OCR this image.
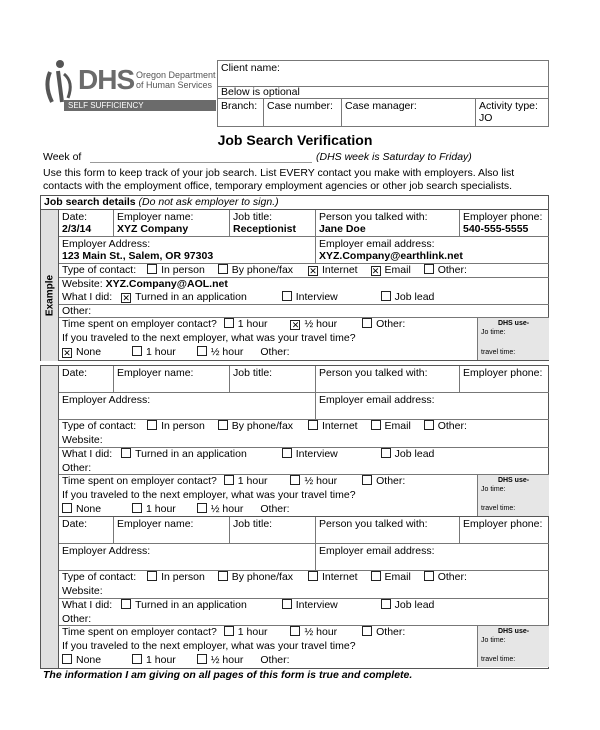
DHS Oregon Department
of Human Services
SELF SUFFICIENCY
Client name:
Below is optional
Branch: Case number:	Case manager:	Activity type:
JO
Job Search Verification
Week of	(DHS week is Saturday to Friday)
Use this form to keep track of your job search. List EVERY contact you make with employers. Also list contacts with the employment office, temporary employment agencies or other job search specialists.
Job search details (Do not ask employer to sign.)
Example
Date:
2/3/14
Employer name:
XYZ Company
Job title:
Receptionist
Person you talked with:
Jane Doe
Employer phone:
540-555-5555
Employer Address:
123 Main St., Salem, OR 97303
Employer email address:
XYZ.Company@earthlink.net
Type of contact: In person	By phone/fax ✕ Internet ✕ Email	Other:
Website: XYZ.Company@AOL.net
What I did: ✕ Turned in an application	Interview	Job lead
Other:
Time spent on employer contact? 1 hour	✕ ½ hour	Other:
If you traveled to the next employer, what was your travel time?
✕ None	1 hour	½ hour Other:
DHS use-
Jo time:
travel time:
Date:	Employer name:	Job title:	Person you talked with:	Employer phone:
Employer Address:	Employer email address:
Type of contact: In person	By phone/fax	Internet	Email	Other:
Website:
What I did: Turned in an application	Interview	Job lead
Other:
Time spent on employer contact? 1 hour	½ hour	Other:
If you traveled to the next employer, what was your travel time?
None	1 hour	½ hour Other:
DHS use-
Jo time:
travel time:
Date:	Employer name:	Job title:	Person you talked with:	Employer phone:
Employer Address:	Employer email address:
Type of contact: In person	By phone/fax	Internet	Email	Other:
Website:
What I did: Turned in an application	Interview	Job lead
Other:
Time spent on employer contact? 1 hour	½ hour	Other:
If you traveled to the next employer, what was your travel time?
None	1 hour	½ hour Other:
DHS use-
Jo time:
travel time:
The information I am giving on all pages of this form is true and complete.
